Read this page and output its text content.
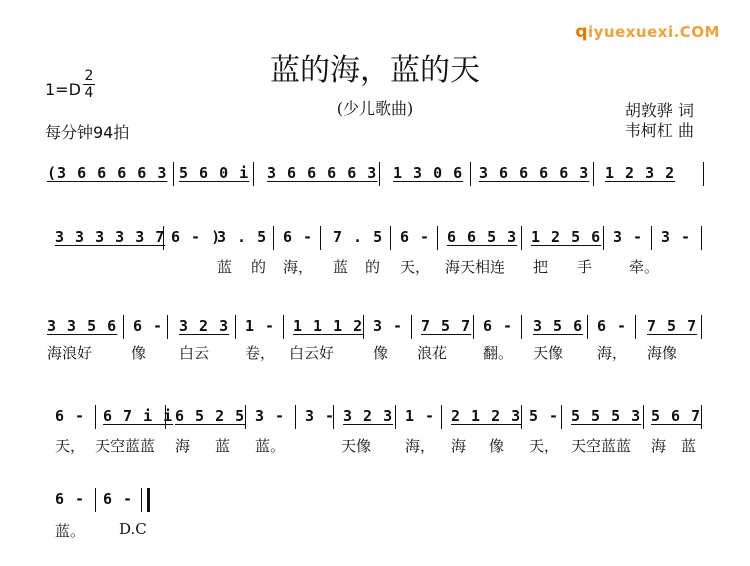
qiyuexuexi.COM
蓝的海，蓝的天
(少儿歌曲)
1=D
2
4
每分钟94拍
胡敦骅 词
韦柯杠 曲
(3 6 6 6 6 3 5 6 0 i 3 6 6 6 6 3 1 3 0 6 3 6 6 6 6 3 1 2 3 2
3 3 3 3 3 7 6 - )
3 . 5 6 - 7 . 5 6 - 6 6 5 3 1 2 5 6 3 - 3 -
蓝 的 海， 蓝 的 天， 海天相连 把 手 牵。
3 3 5 6 6 - 3 2 3 1 - 1 1 1 2 3 - 7 5 7 6 - 3 5 6 6 - 7 5 7
海浪好	像 白云 卷， 白云好	像 浪花 翻。 天像 海， 海像
6 - 6 7 i i 6 5 2 5 3 - 3 - 3 2 3 1 - 2 1 2 3 5 - 5 5 5 3 5 6 7
天， 天空蓝蓝 海 蓝 蓝。	天像 海， 海 像 天， 天空蓝蓝 海 蓝
6 - 6 -
蓝。 D.C
